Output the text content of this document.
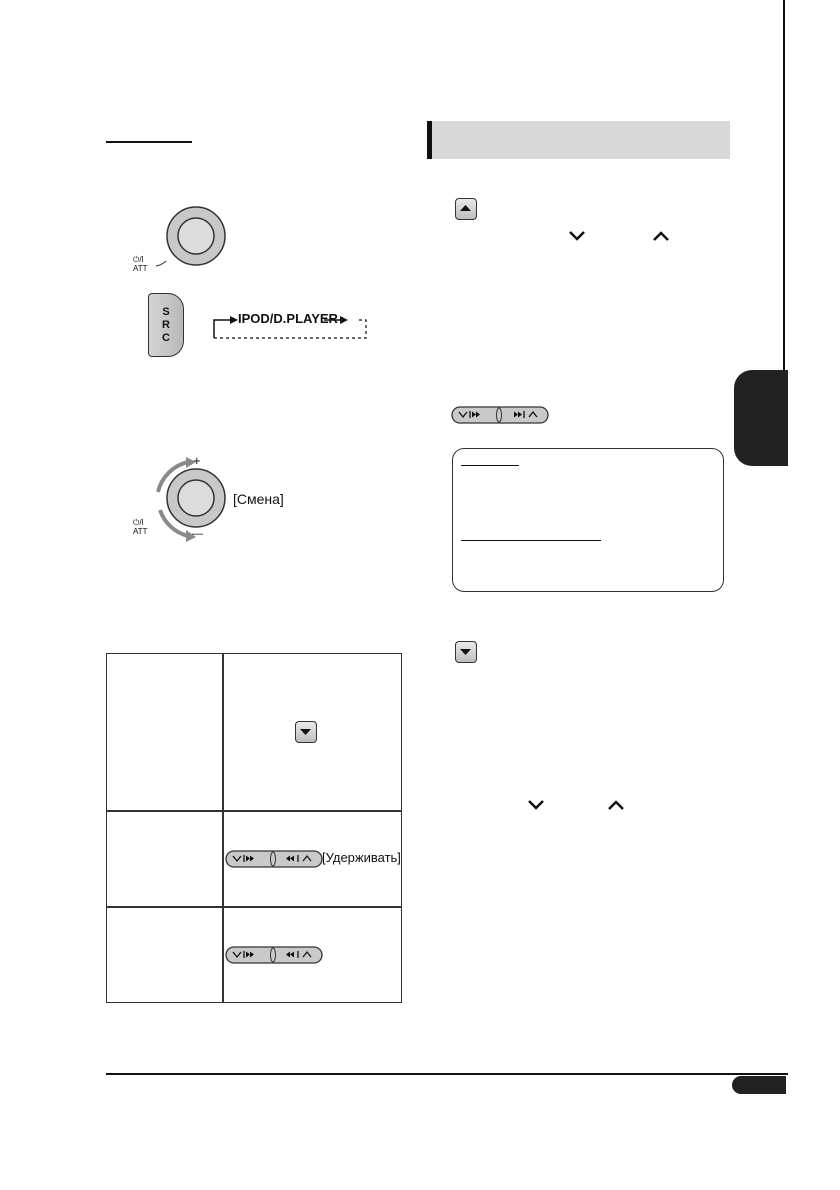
⏻/I
ATT
S
R
C
IPOD/D.PLAYER
+
—
⏻/I
ATT
[Смена]
[Удерживать]
